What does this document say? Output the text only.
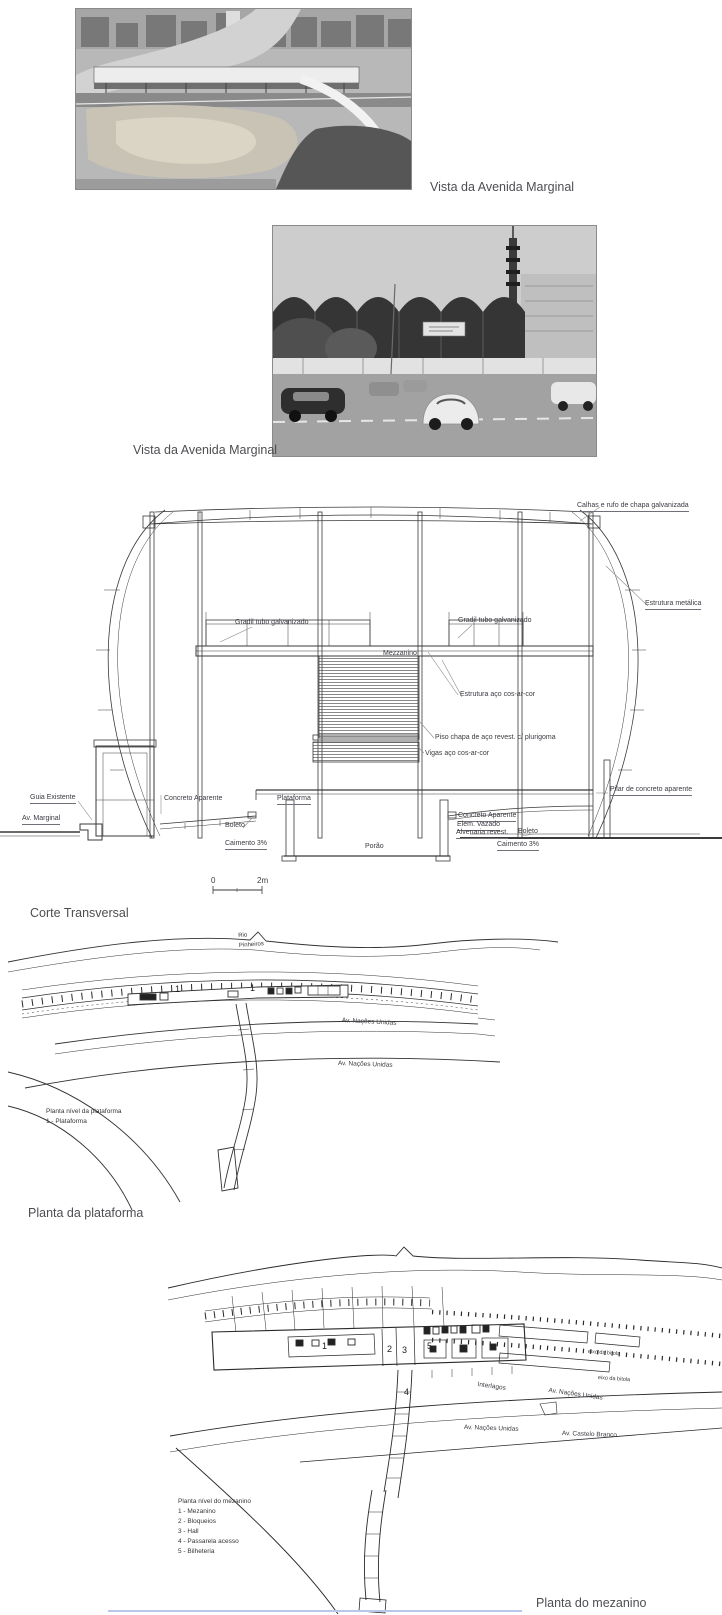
Vista da Avenida Marginal
Vista da Avenida Marginal
Calhas e rufo de chapa galvanizada
Estrutura metálica
Gradil tubo galvanizado	Gradil tubo galvanizado
Mezzanino
Estrutura aço cos-ar-cor
Piso chapa de aço revest. c/ plurigoma
Vigas aço cos-ar-cor
Pilar de concreto aparente
Guia Existente
Av. Marginal
Concreto Aparente	Plataforma
Boleto
Caimento 3%	Porão
Concreto Aparente
Elem. Vazado
Alvenaria revest. Boleto
Caimento 3%
0	2m
Corte Transversal
Rio
Pinheiros
1	1
Av. Nações Unidas
Av. Nações Unidas
Planta nível da plataforma
1 - Plataforma
Planta da plataforma
1	2 3
4
5
eixo da bitola
eixo da bitola
Interlagos
Av. Nações Unidas
Av. Nações Unidas
Av. Castelo Branco
Planta nível do mezanino
1 - Mezanino
2 - Bloqueios
3 - Hall
4 - Passarela acesso
5 - Bilheteria
Planta do mezanino
